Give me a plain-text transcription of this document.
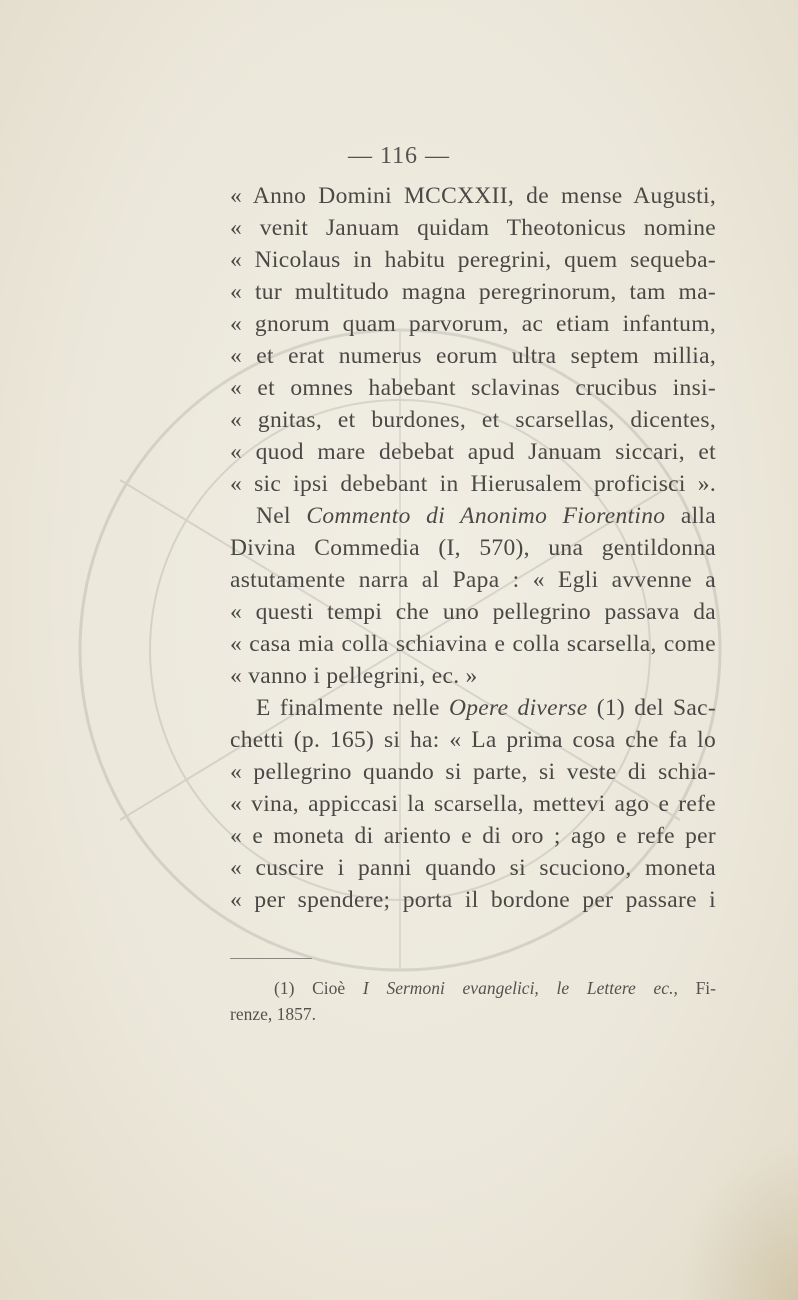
— 116 —
« Anno Domini MCCXXII, de mense Augusti,
« venit Januam quidam Theotonicus nomine
« Nicolaus in habitu peregrini, quem sequeba-
« tur multitudo magna peregrinorum, tam ma-
« gnorum quam parvorum, ac etiam infantum,
« et erat numerus eorum ultra septem millia,
« et omnes habebant sclavinas crucibus insi-
« gnitas, et burdones, et scarsellas, dicentes,
« quod mare debebat apud Januam siccari, et
« sic ipsi debebant in Hierusalem proficisci ».
Nel Commento di Anonimo Fiorentino alla
Divina Commedia (I, 570), una gentildonna
astutamente narra al Papa : « Egli avvenne a
« questi tempi che uno pellegrino passava da
« casa mia colla schiavina e colla scarsella, come
« vanno i pellegrini, ec. »
E finalmente nelle Opere diverse (1) del Sac-
chetti (p. 165) si ha: « La prima cosa che fa lo
« pellegrino quando si parte, si veste di schia-
« vina, appiccasi la scarsella, mettevi ago e refe
« e moneta di ariento e di oro ; ago e refe per
« cuscire i panni quando si scuciono, moneta
« per spendere; porta il bordone per passare i
(1) Cioè I Sermoni evangelici, le Lettere ec., Fi-
renze, 1857.
